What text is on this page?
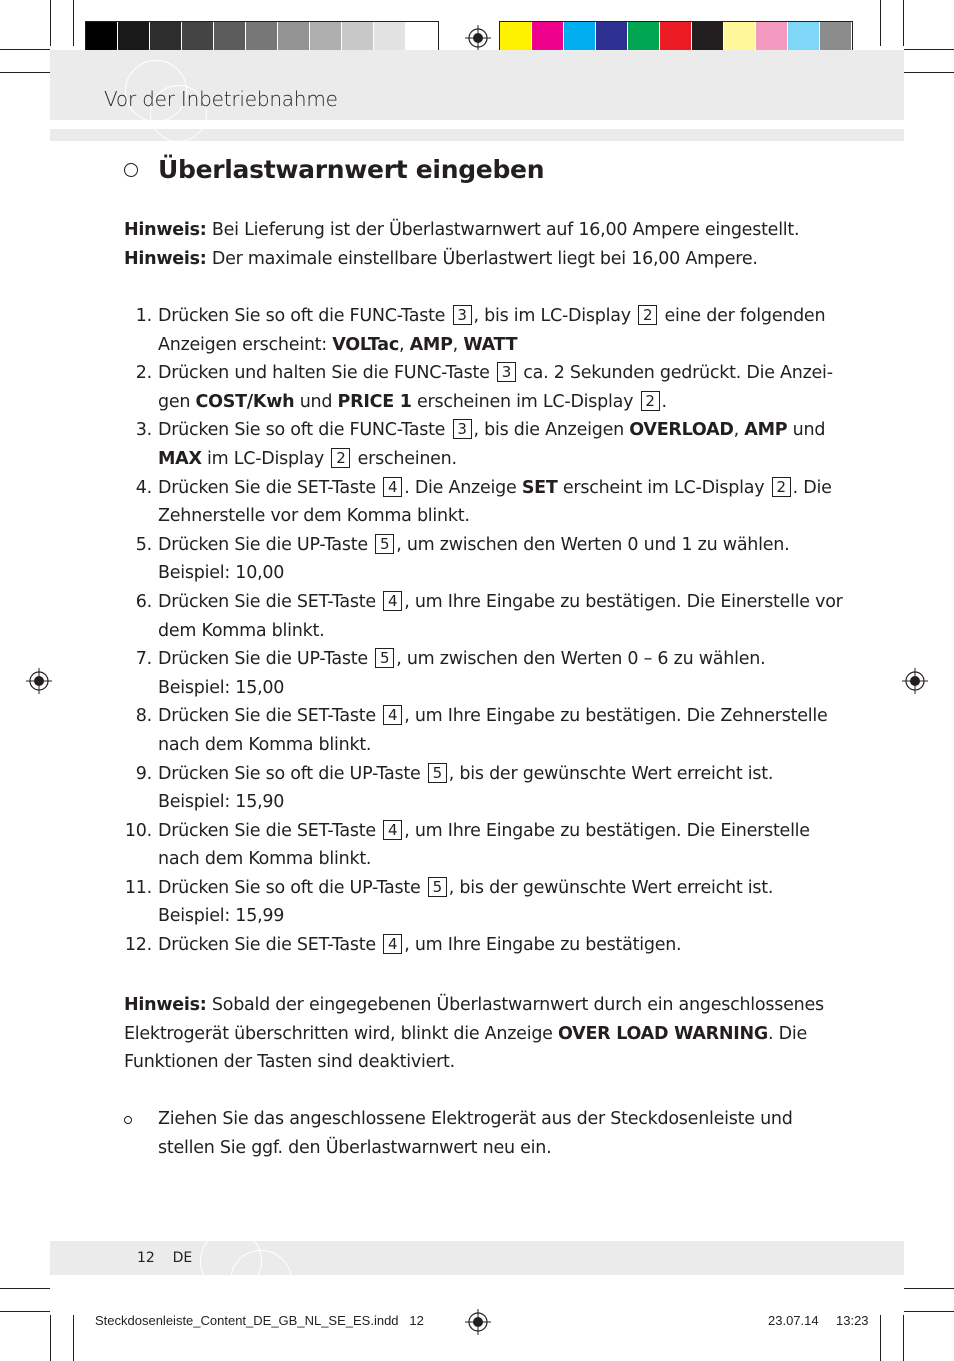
Vor der Inbetriebnahme
Überlastwarnwert eingeben
Hinweis: Bei Lieferung ist der Überlastwarnwert auf 16,00 Ampere eingestellt.
Hinweis: Der maximale einstellbare Überlastwert liegt bei 16,00 Ampere.
1. Drücken Sie so oft die FUNC-Taste 3 , bis im LC-Display 2 eine der folgenden Anzeigen erscheint: VOLTac, AMP, WATT
2. Drücken und halten Sie die FUNC-Taste 3 ca. 2 Sekunden gedrückt. Die Anzeigen COST/Kwh und PRICE 1 erscheinen im LC-Display 2 .
3. Drücken Sie so oft die FUNC-Taste 3 , bis die Anzeigen OVERLOAD, AMP und MAX im LC-Display 2 erscheinen.
4. Drücken Sie die SET-Taste 4 . Die Anzeige SET erscheint im LC-Display 2 . Die Zehnerstelle vor dem Komma blinkt.
5. Drücken Sie die UP-Taste 5 , um zwischen den Werten 0 und 1 zu wählen.
Beispiel: 10,00
6. Drücken Sie die SET-Taste 4 , um Ihre Eingabe zu bestätigen. Die Einerstelle vor dem Komma blinkt.
7. Drücken Sie die UP-Taste 5 , um zwischen den Werten 0 – 6 zu wählen.
Beispiel: 15,00
8. Drücken Sie die SET-Taste 4 , um Ihre Eingabe zu bestätigen. Die Zehnerstelle nach dem Komma blinkt.
9. Drücken Sie so oft die UP-Taste 5 , bis der gewünschte Wert erreicht ist.
Beispiel: 15,90
10. Drücken Sie die SET-Taste 4 , um Ihre Eingabe zu bestätigen. Die Einerstelle nach dem Komma blinkt.
11. Drücken Sie so oft die UP-Taste 5 , bis der gewünschte Wert erreicht ist.
Beispiel: 15,99
12. Drücken Sie die SET-Taste 4 , um Ihre Eingabe zu bestätigen.
Hinweis: Sobald der eingegebenen Überlastwarnwert durch ein angeschlossenes Elektrogerät überschritten wird, blinkt die Anzeige OVER LOAD WARNING. Die Funktionen der Tasten sind deaktiviert.
Ziehen Sie das angeschlossene Elektrogerät aus der Steckdosenleiste und stellen Sie ggf. den Überlastwarnwert neu ein.
12 DE
Steckdosenleiste_Content_DE_GB_NL_SE_ES.indd   12	23.07.14 13:23
